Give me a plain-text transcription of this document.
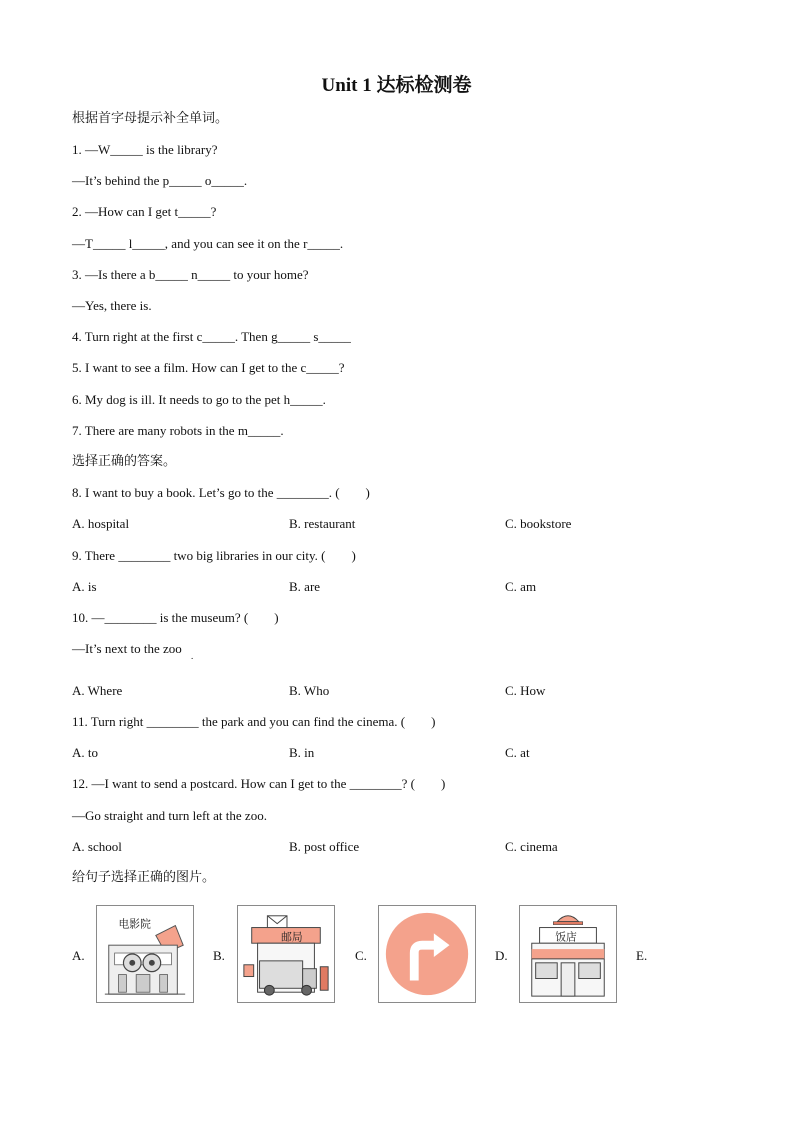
Unit 1 达标检测卷
根据首字母提示补全单词。
1. —W_____ is the library?
—It’s behind the p_____ o_____.
2. —How can I get t_____?
—T_____ l_____, and you can see it on the r_____.
3. —Is there a b_____ n_____ to your home?
—Yes, there is.
4. Turn right at the first c_____. Then g_____ s_____
5. I want to see a film. How can I get to the c_____?
6. My dog is ill. It needs to go to the pet h_____.
7. There are many robots in the m_____.
选择正确的答案。
8. I want to buy a book. Let’s go to the ________. (        )
A. hospital	B. restaurant	C. bookstore
9. There ________ two big libraries in our city. (        )
A. is	B. are	C. am
10. —________ is the museum? (        )
—It’s next to the zoo .
A. Where	B. Who	C. How
11. Turn right ________ the park and you can find the cinema. (        )
A. to	B. in	C. at
12. —I want to send a postcard. How can I get to the ________? (        )
—Go straight and turn left at the zoo.
A. school	B. post office	C. cinema
给句子选择正确的图片。
A.
电影院
B.
邮局
C.	D.
饭店
E.
